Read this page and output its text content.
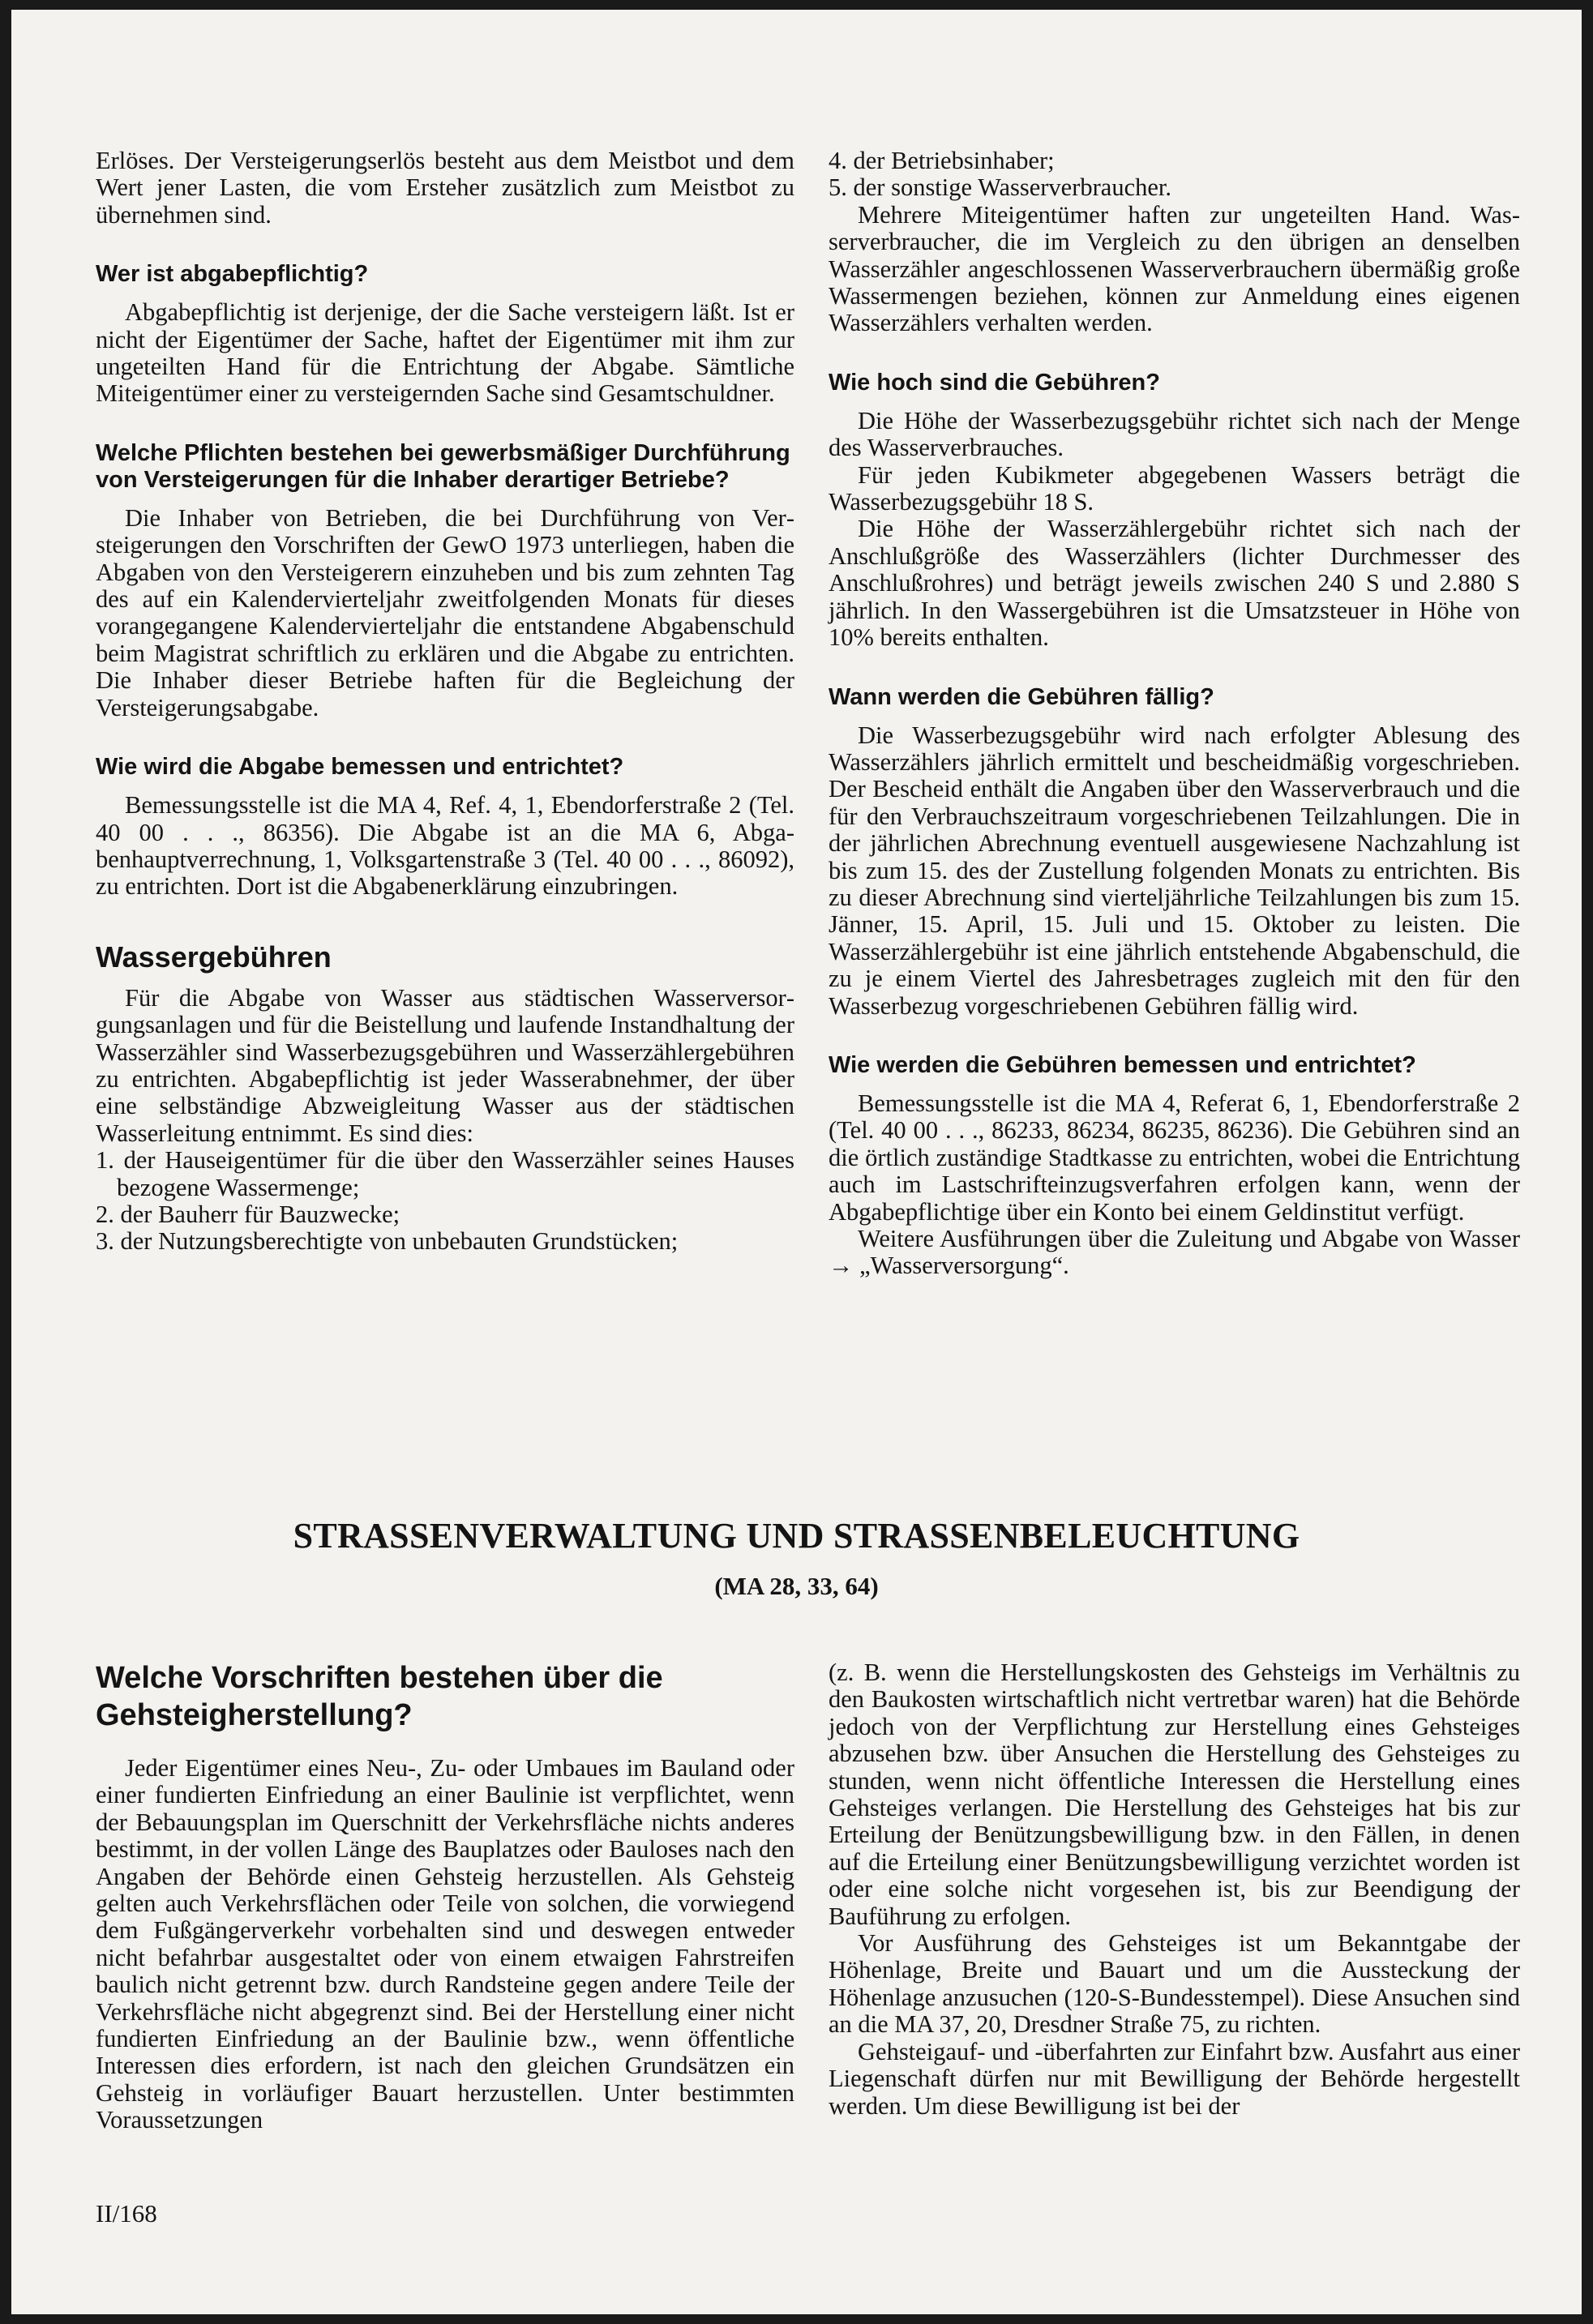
Erlöses. Der Versteigerungserlös besteht aus dem Meistbot und dem Wert jener Lasten, die vom Ersteher zusätzlich zum Meistbot zu übernehmen sind.

Wer ist abgabepflichtig?

Abgabepflichtig ist derjenige, der die Sache versteigern läßt. Ist er nicht der Eigentümer der Sache, haftet der Eigentümer mit ihm zur ungeteilten Hand für die Entrichtung der Abgabe. Sämtliche Miteigentümer einer zu versteigernden Sache sind Gesamtschuldner.

Welche Pflichten bestehen bei gewerbsmäßiger Durchführung von Versteigerungen für die Inhaber derartiger Betriebe?

Die Inhaber von Betrieben, die bei Durchführung von Versteigerungen den Vorschriften der GewO 1973 unterliegen, haben die Abgaben von den Versteigerern einzuheben und bis zum zehnten Tag des auf ein Kalendervierteljahr zweitfolgenden Monats für dieses vorangegangene Kalendervierteljahr die entstandene Abgabenschuld beim Magistrat schriftlich zu erklären und die Abgabe zu entrichten. Die Inhaber dieser Betriebe haften für die Begleichung der Versteigerungsabgabe.

Wie wird die Abgabe bemessen und entrichtet?

Bemessungsstelle ist die MA 4, Ref. 4, 1, Ebendorferstraße 2 (Tel. 40 00 . . ., 86356). Die Abgabe ist an die MA 6, Abgabenhauptverrechnung, 1, Volksgartenstraße 3 (Tel. 40 00 . . ., 86092), zu entrichten. Dort ist die Abgabenerklärung einzubringen.

Wassergebühren

Für die Abgabe von Wasser aus städtischen Wasserversorgungsanlagen und für die Beistellung und laufende Instandhaltung der Wasserzähler sind Wasserbezugsgebühren und Wasserzählergebühren zu entrichten. Abgabepflichtig ist jeder Wasserabnehmer, der über eine selbständige Abzweigleitung Wasser aus der städtischen Wasserleitung entnimmt. Es sind dies:

1. der Hauseigentümer für die über den Wasserzähler seines Hauses bezogene Wassermenge;
2. der Bauherr für Bauzwecke;
3. der Nutzungsberechtigte von unbebauten Grundstücken;
4. der Betriebsinhaber;
5. der sonstige Wasserverbraucher.

Mehrere Miteigentümer haften zur ungeteilten Hand. Wasserverbraucher, die im Vergleich zu den übrigen an denselben Wasserzähler angeschlossenen Wasserverbrauchern übermäßig große Wassermengen beziehen, können zur Anmeldung eines eigenen Wasserzählers verhalten werden.

Wie hoch sind die Gebühren?

Die Höhe der Wasserbezugsgebühr richtet sich nach der Menge des Wasserverbrauches.

Für jeden Kubikmeter abgegebenen Wassers beträgt die Wasserbezugsgebühr 18 S.

Die Höhe der Wasserzählergebühr richtet sich nach der Anschlußgröße des Wasserzählers (lichter Durchmesser des Anschlußrohres) und beträgt jeweils zwischen 240 S und 2.880 S jährlich. In den Wassergebühren ist die Umsatzsteuer in Höhe von 10% bereits enthalten.

Wann werden die Gebühren fällig?

Die Wasserbezugsgebühr wird nach erfolgter Ablesung des Wasserzählers jährlich ermittelt und bescheidmäßig vorgeschrieben. Der Bescheid enthält die Angaben über den Wasserverbrauch und die für den Verbrauchszeitraum vorgeschriebenen Teilzahlungen. Die in der jährlichen Abrechnung eventuell ausgewiesene Nachzahlung ist bis zum 15. des der Zustellung folgenden Monats zu entrichten. Bis zu dieser Abrechnung sind vierteljährliche Teilzahlungen bis zum 15. Jänner, 15. April, 15. Juli und 15. Oktober zu leisten. Die Wasserzählergebühr ist eine jährlich entstehende Abgabenschuld, die zu je einem Viertel des Jahresbetrages zugleich mit den für den Wasserbezug vorgeschriebenen Gebühren fällig wird.

Wie werden die Gebühren bemessen und entrichtet?

Bemessungsstelle ist die MA 4, Referat 6, 1, Ebendorferstraße 2 (Tel. 40 00 . . ., 86233, 86234, 86235, 86236). Die Gebühren sind an die örtlich zuständige Stadtkasse zu entrichten, wobei die Entrichtung auch im Lastschrifteinzugsverfahren erfolgen kann, wenn der Abgabepflichtige über ein Konto bei einem Geldinstitut verfügt.

Weitere Ausführungen über die Zuleitung und Abgabe von Wasser → „Wasserversorgung“.

STRASSENVERWALTUNG UND STRASSENBELEUCHTUNG
(MA 28, 33, 64)
Welche Vorschriften bestehen über die Gehsteigherstellung?

Jeder Eigentümer eines Neu-, Zu- oder Umbaues im Bauland oder einer fundierten Einfriedung an einer Baulinie ist verpflichtet, wenn der Bebauungsplan im Querschnitt der Verkehrsfläche nichts anderes bestimmt, in der vollen Länge des Bauplatzes oder Bauloses nach den Angaben der Behörde einen Gehsteig herzustellen. Als Gehsteig gelten auch Verkehrsflächen oder Teile von solchen, die vorwiegend dem Fußgängerverkehr vorbehalten sind und deswegen entweder nicht befahrbar ausgestaltet oder von einem etwaigen Fahrstreifen baulich nicht getrennt bzw. durch Randsteine gegen andere Teile der Verkehrsfläche nicht abgegrenzt sind. Bei der Herstellung einer nicht fundierten Einfriedung an der Baulinie bzw., wenn öffentliche Interessen dies erfordern, ist nach den gleichen Grundsätzen ein Gehsteig in vorläufiger Bauart herzustellen. Unter bestimmten Voraussetzungen

(z. B. wenn die Herstellungskosten des Gehsteigs im Verhältnis zu den Baukosten wirtschaftlich nicht vertretbar waren) hat die Behörde jedoch von der Verpflichtung zur Herstellung eines Gehsteiges abzusehen bzw. über Ansuchen die Herstellung des Gehsteiges zu stunden, wenn nicht öffentliche Interessen die Herstellung eines Gehsteiges verlangen. Die Herstellung des Gehsteiges hat bis zur Erteilung der Benützungsbewilligung bzw. in den Fällen, in denen auf die Erteilung einer Benützungsbewilligung verzichtet worden ist oder eine solche nicht vorgesehen ist, bis zur Beendigung der Bauführung zu erfolgen.

Vor Ausführung des Gehsteiges ist um Bekanntgabe der Höhenlage, Breite und Bauart und um die Aussteckung der Höhenlage anzusuchen (120-S-Bundesstempel). Diese Ansuchen sind an die MA 37, 20, Dresdner Straße 75, zu richten.

Gehsteigauf- und -überfahrten zur Einfahrt bzw. Ausfahrt aus einer Liegenschaft dürfen nur mit Bewilligung der Behörde hergestellt werden. Um diese Bewilligung ist bei der

II/168
